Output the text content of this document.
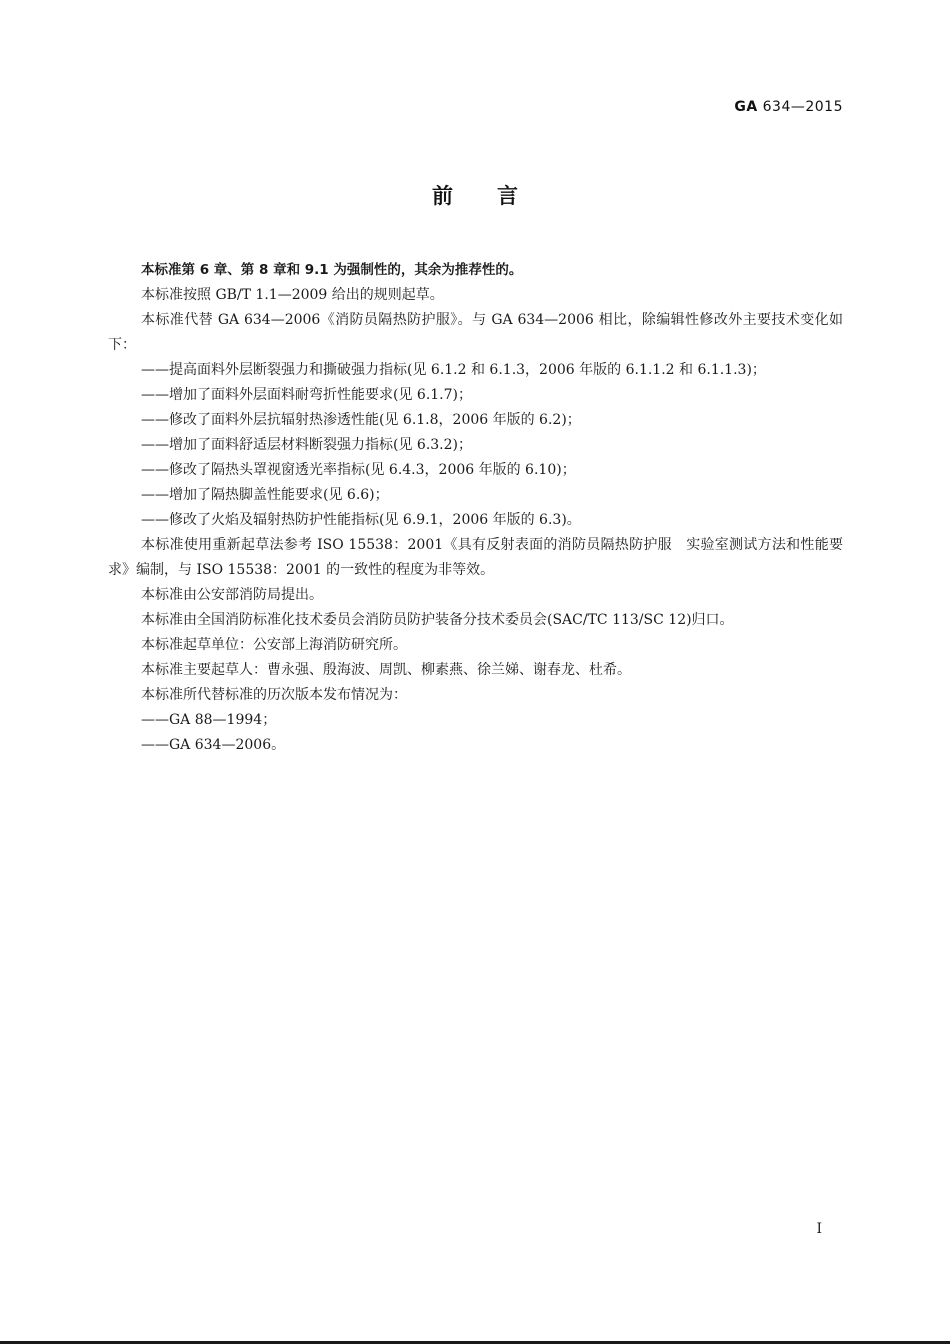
GA 634—2015
前言

本标准第 6 章、第 8 章和 9.1 为强制性的，其余为推荐性的。

本标准按照 GB/T 1.1—2009 给出的规则起草。

本标准代替 GA 634—2006《消防员隔热防护服》。与 GA 634—2006 相比，除编辑性修改外主要技术变化如下：

——提高面料外层断裂强力和撕破强力指标(见 6.1.2 和 6.1.3，2006 年版的 6.1.1.2 和 6.1.1.3)；

——增加了面料外层面料耐弯折性能要求(见 6.1.7)；

——修改了面料外层抗辐射热渗透性能(见 6.1.8，2006 年版的 6.2)；

——增加了面料舒适层材料断裂强力指标(见 6.3.2)；

——修改了隔热头罩视窗透光率指标(见 6.4.3，2006 年版的 6.10)；

——增加了隔热脚盖性能要求(见 6.6)；

——修改了火焰及辐射热防护性能指标(见 6.9.1，2006 年版的 6.3)。

本标准使用重新起草法参考 ISO 15538：2001《具有反射表面的消防员隔热防护服　实验室测试方法和性能要求》编制，与 ISO 15538：2001 的一致性的程度为非等效。

本标准由公安部消防局提出。

本标准由全国消防标准化技术委员会消防员防护装备分技术委员会(SAC/TC 113/SC 12)归口。

本标准起草单位：公安部上海消防研究所。

本标准主要起草人：曹永强、殷海波、周凯、柳素燕、徐兰娣、谢春龙、杜希。

本标准所代替标准的历次版本发布情况为：

——GA 88—1994；

——GA 634—2006。

I
